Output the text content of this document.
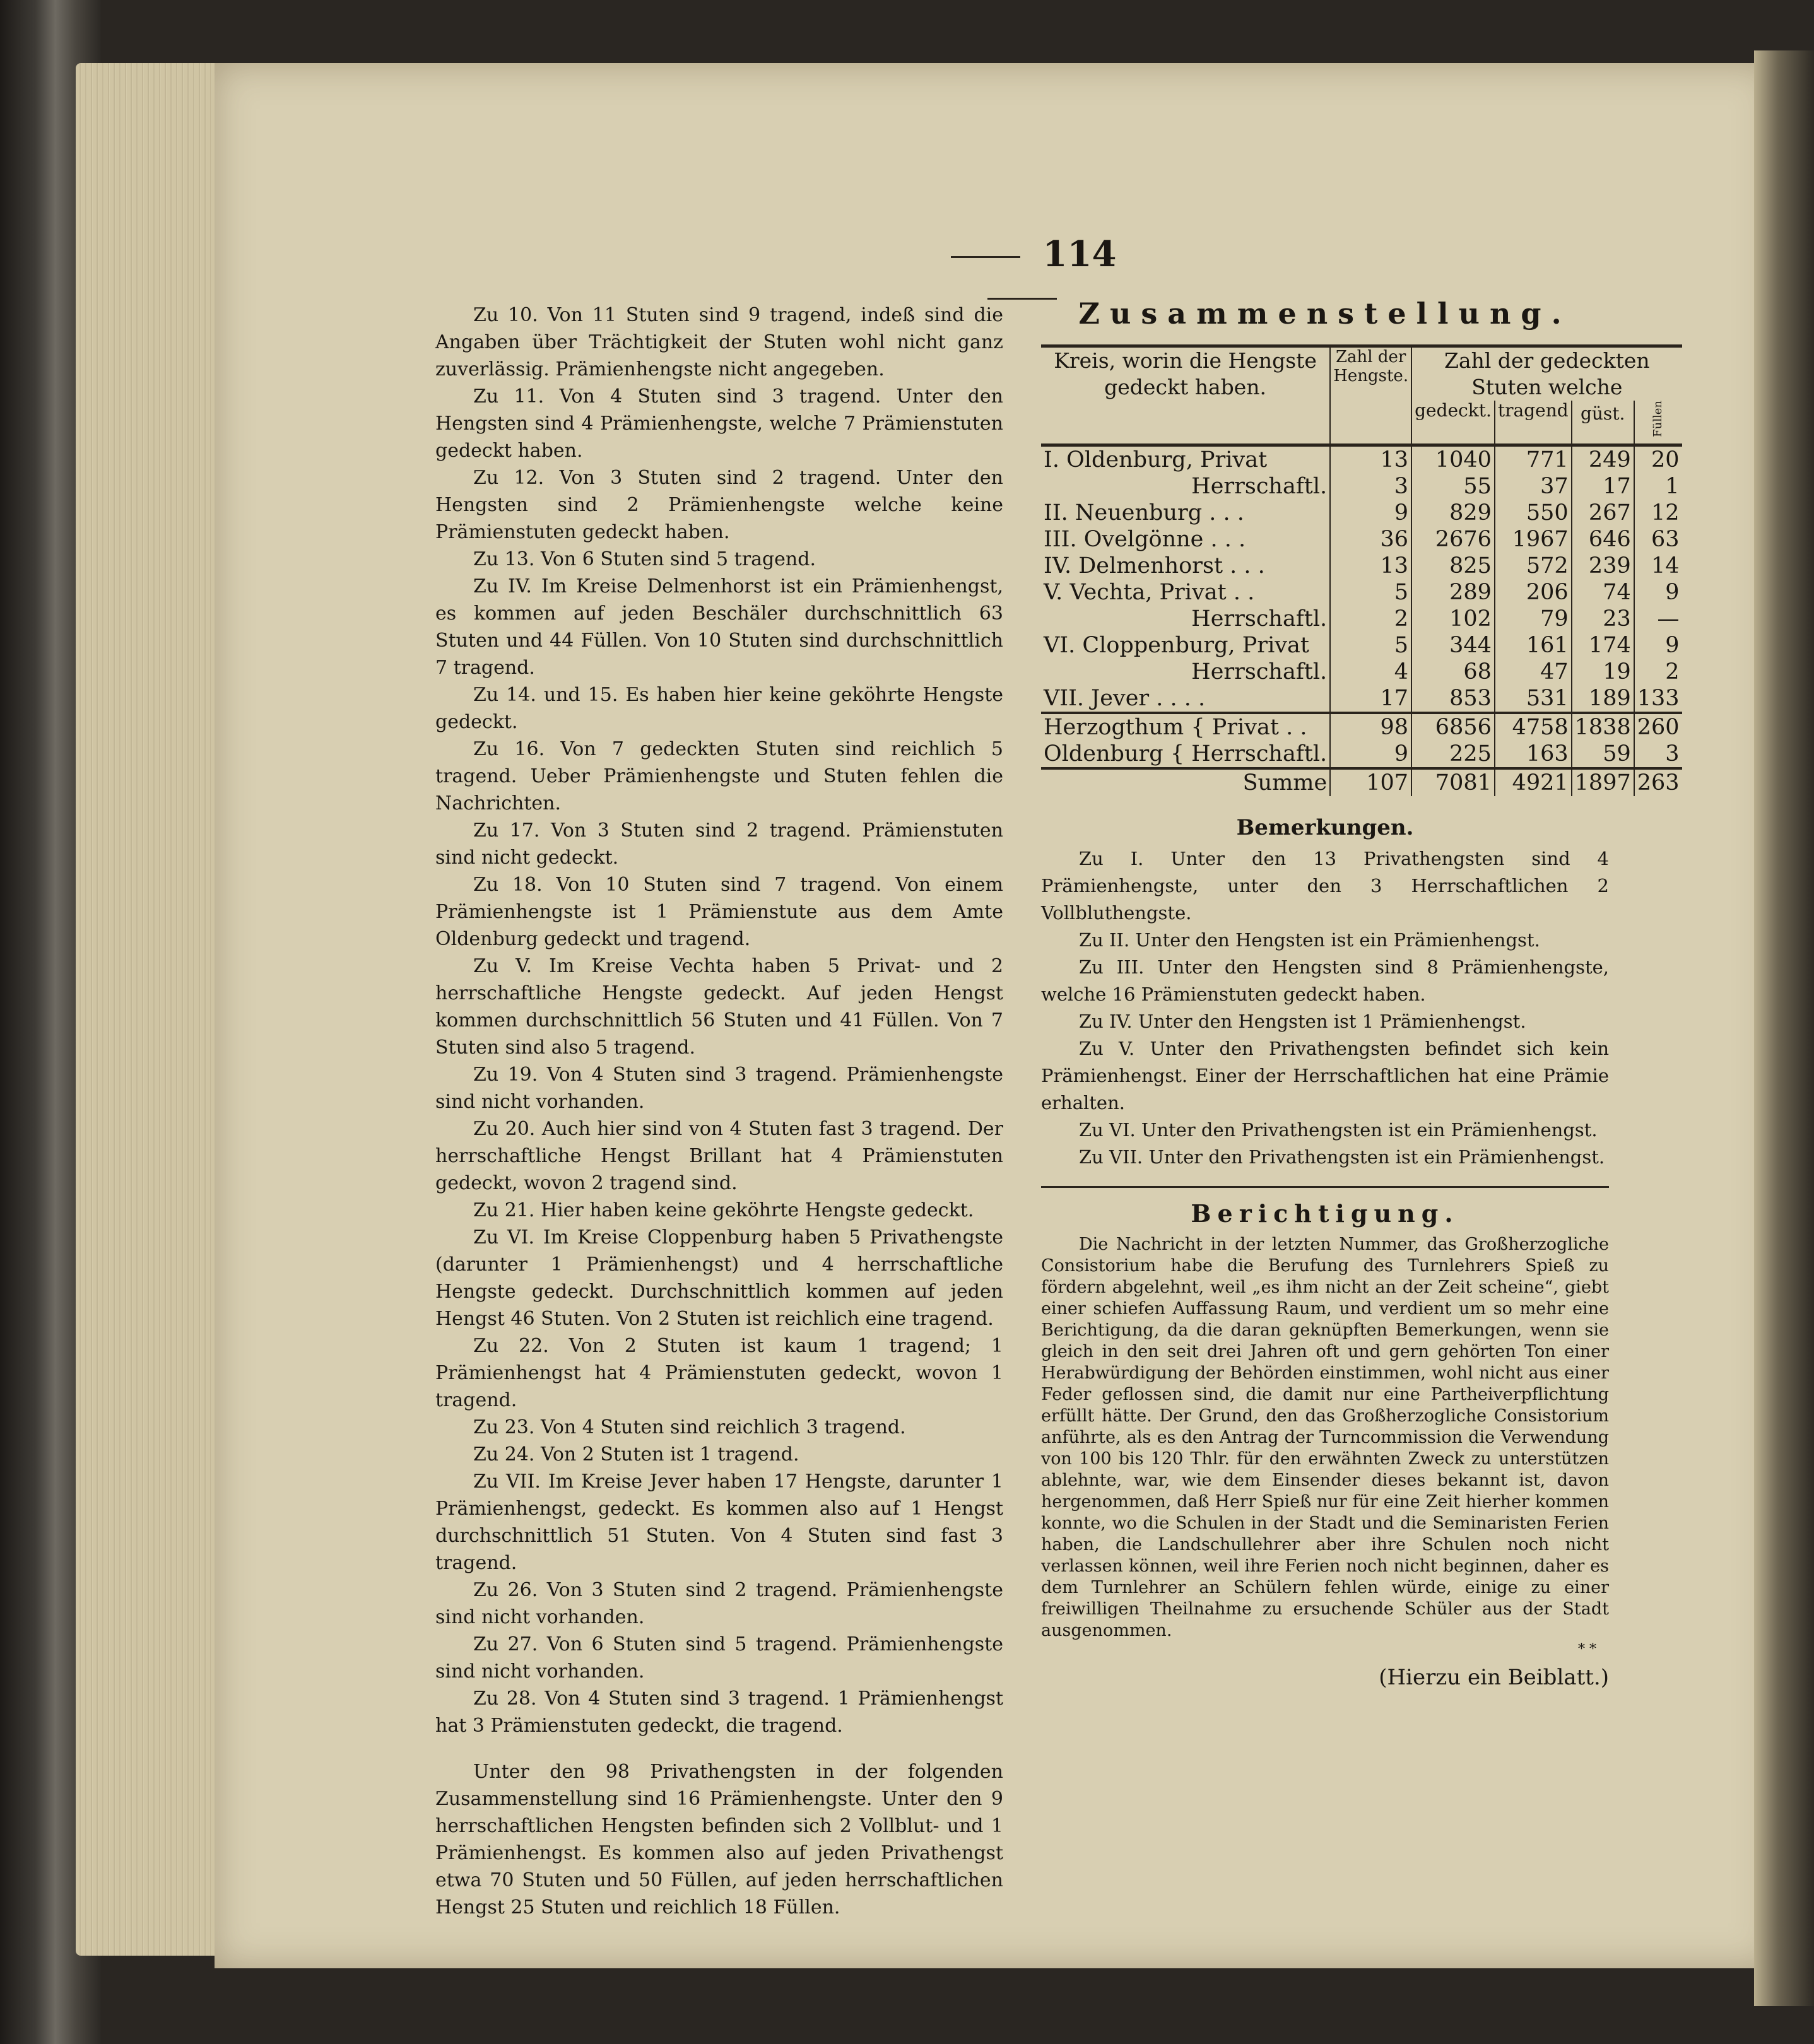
114

Zu 10. Von 11 Stuten sind 9 tragend, indeß sind die Angaben über Trächtigkeit der Stuten wohl nicht ganz zuverlässig. Prämienhengste nicht angegeben.

Zu 11. Von 4 Stuten sind 3 tragend. Unter den Hengsten sind 4 Prämienhengste, welche 7 Prämienstuten gedeckt haben.

Zu 12. Von 3 Stuten sind 2 tragend. Unter den Hengsten sind 2 Prämienhengste welche keine Prämienstuten gedeckt haben.

Zu 13. Von 6 Stuten sind 5 tragend.

Zu IV. Im Kreise Delmenhorst ist ein Prämienhengst, es kommen auf jeden Beschäler durchschnittlich 63 Stuten und 44 Füllen. Von 10 Stuten sind durchschnittlich 7 tragend.

Zu 14. und 15. Es haben hier keine geköhrte Hengste gedeckt.

Zu 16. Von 7 gedeckten Stuten sind reichlich 5 tragend. Ueber Prämienhengste und Stuten fehlen die Nachrichten.

Zu 17. Von 3 Stuten sind 2 tragend. Prämienstuten sind nicht gedeckt.

Zu 18. Von 10 Stuten sind 7 tragend. Von einem Prämienhengste ist 1 Prämienstute aus dem Amte Oldenburg gedeckt und tragend.

Zu V. Im Kreise Vechta haben 5 Privat- und 2 herrschaftliche Hengste gedeckt. Auf jeden Hengst kommen durchschnittlich 56 Stuten und 41 Füllen. Von 7 Stuten sind also 5 tragend.

Zu 19. Von 4 Stuten sind 3 tragend. Prämienhengste sind nicht vorhanden.

Zu 20. Auch hier sind von 4 Stuten fast 3 tragend. Der herrschaftliche Hengst Brillant hat 4 Prämienstuten gedeckt, wovon 2 tragend sind.

Zu 21. Hier haben keine geköhrte Hengste gedeckt.

Zu VI. Im Kreise Cloppenburg haben 5 Privathengste (darunter 1 Prämienhengst) und 4 herrschaftliche Hengste gedeckt. Durchschnittlich kommen auf jeden Hengst 46 Stuten. Von 2 Stuten ist reichlich eine tragend.

Zu 22. Von 2 Stuten ist kaum 1 tragend; 1 Prämienhengst hat 4 Prämienstuten gedeckt, wovon 1 tragend.

Zu 23. Von 4 Stuten sind reichlich 3 tragend.

Zu 24. Von 2 Stuten ist 1 tragend.

Zu VII. Im Kreise Jever haben 17 Hengste, darunter 1 Prämienhengst, gedeckt. Es kommen also auf 1 Hengst durchschnittlich 51 Stuten. Von 4 Stuten sind fast 3 tragend.

Zu 26. Von 3 Stuten sind 2 tragend. Prämienhengste sind nicht vorhanden.

Zu 27. Von 6 Stuten sind 5 tragend. Prämienhengste sind nicht vorhanden.

Zu 28. Von 4 Stuten sind 3 tragend. 1 Prämienhengst hat 3 Prämienstuten gedeckt, die tragend.

Unter den 98 Privathengsten in der folgenden Zusammenstellung sind 16 Prämienhengste. Unter den 9 herrschaftlichen Hengsten befinden sich 2 Vollblut- und 1 Prämienhengst. Es kommen also auf jeden Privathengst etwa 70 Stuten und 50 Füllen, auf jeden herrschaftlichen Hengst 25 Stuten und reichlich 18 Füllen.

Zusammenstellung.
Kreis, worin die Hengste gedeckt haben.	Zahl der Hengste.	Zahl der gedeckten Stuten welche			
		gedeckt.	tragend	güst.	Füllen
I. Oldenburg, Privat	13	1040	771	249	20
Herrschaftl.	3	55	37	17	1
II. Neuenburg . . .	9	829	550	267	12
III. Ovelgönne . . .	36	2676	1967	646	63
IV. Delmenhorst . . .	13	825	572	239	14
V. Vechta, Privat . .	5	289	206	74	9
Herrschaftl.	2	102	79	23	—
VI. Cloppenburg, Privat	5	344	161	174	9
Herrschaftl.	4	68	47	19	2
VII. Jever . . . .	17	853	531	189	133
Herzogthum { Privat . .	98	6856	4758	1838	260
Oldenburg { Herrschaftl.	9	225	163	59	3
Summe	107	7081	4921	1897	263
Bemerkungen.

Zu I. Unter den 13 Privathengsten sind 4 Prämienhengste, unter den 3 Herrschaftlichen 2 Vollbluthengste.

Zu II. Unter den Hengsten ist ein Prämienhengst.

Zu III. Unter den Hengsten sind 8 Prämienhengste, welche 16 Prämienstuten gedeckt haben.

Zu IV. Unter den Hengsten ist 1 Prämienhengst.

Zu V. Unter den Privathengsten befindet sich kein Prämienhengst. Einer der Herrschaftlichen hat eine Prämie erhalten.

Zu VI. Unter den Privathengsten ist ein Prämienhengst.

Zu VII. Unter den Privathengsten ist ein Prämienhengst.

Berichtigung.

Die Nachricht in der letzten Nummer, das Großherzogliche Consistorium habe die Berufung des Turnlehrers Spieß zu fördern abgelehnt, weil „es ihm nicht an der Zeit scheine“, giebt einer schiefen Auffassung Raum, und verdient um so mehr eine Berichtigung, da die daran geknüpften Bemerkungen, wenn sie gleich in den seit drei Jahren oft und gern gehörten Ton einer Herabwürdigung der Behörden einstimmen, wohl nicht aus einer Feder geflossen sind, die damit nur eine Partheiverpflichtung erfüllt hätte. Der Grund, den das Großherzogliche Consistorium anführte, als es den Antrag der Turncommission die Verwendung von 100 bis 120 Thlr. für den erwähnten Zweck zu unterstützen ablehnte, war, wie dem Einsender dieses bekannt ist, davon hergenommen, daß Herr Spieß nur für eine Zeit hierher kommen konnte, wo die Schulen in der Stadt und die Seminaristen Ferien haben, die Landschullehrer aber ihre Schulen noch nicht verlassen können, weil ihre Ferien noch nicht beginnen, daher es dem Turnlehrer an Schülern fehlen würde, einige zu einer freiwilligen Theilnahme zu ersuchende Schüler aus der Stadt ausgenommen.

* *
(Hierzu ein Beiblatt.)
